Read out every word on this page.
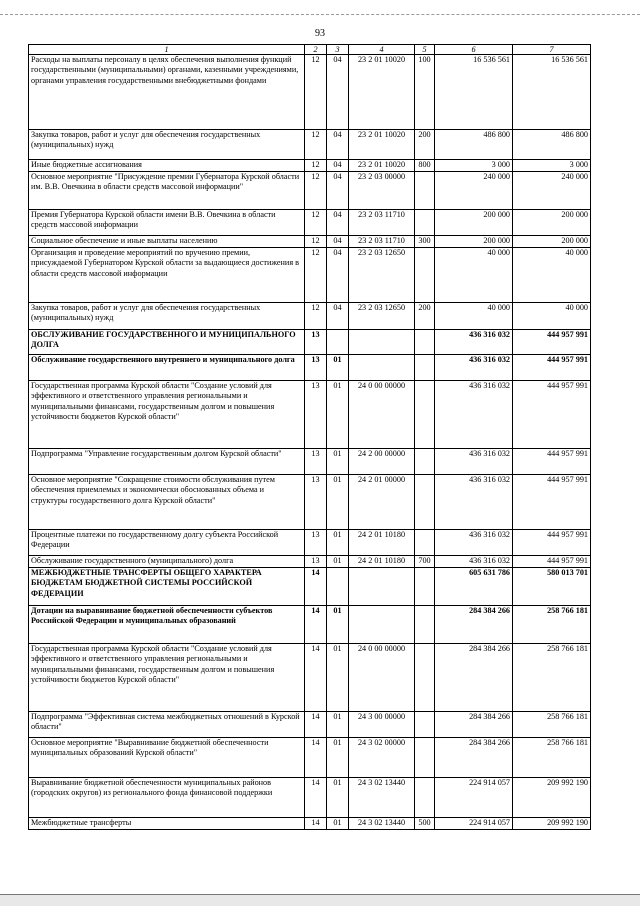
93
1	2	3	4	5	6	7
Расходы на выплаты персоналу в целях обеспечения выполнения функций государственными (муниципальными) органами, казенными учреждениями, органами управления государственными внебюджетными фондами	12	04	23 2 01 10020	100	16 536 561	16 536 561
Закупка товаров, работ и услуг для обеспечения государственных (муниципальных) нужд	12	04	23 2 01 10020	200	486 800	486 800
Иные бюджетные ассигнования	12	04	23 2 01 10020	800	3 000	3 000
Основное мероприятие "Присуждение премии Губернатора Курской области им. В.В. Овечкина в области средств массовой информации"	12	04	23 2 03 00000		240 000	240 000
Премия Губернатора Курской области имени В.В. Овечкина в области средств массовой информации	12	04	23 2 03 11710		200 000	200 000
Социальное обеспечение и иные выплаты населению	12	04	23 2 03 11710	300	200 000	200 000
Организация и проведение мероприятий по вручению премии, присуждаемой Губернатором Курской области за выдающиеся достижения в области средств массовой информации	12	04	23 2 03 12650		40 000	40 000
Закупка товаров, работ и услуг для обеспечения государственных (муниципальных) нужд	12	04	23 2 03 12650	200	40 000	40 000
ОБСЛУЖИВАНИЕ ГОСУДАРСТВЕННОГО И МУНИЦИПАЛЬНОГО ДОЛГА	13				436 316 032	444 957 991
Обслуживание государственного внутреннего и муниципального долга	13	01			436 316 032	444 957 991
Государственная программа Курской области "Создание условий для эффективного и ответственного управления региональными и муниципальными финансами, государственным долгом и повышения устойчивости бюджетов Курской области"	13	01	24 0 00 00000		436 316 032	444 957 991
Подпрограмма "Управление государственным долгом Курской области"	13	01	24 2 00 00000		436 316 032	444 957 991
Основное мероприятие "Сокращение стоимости обслуживания путем обеспечения приемлемых и экономически обоснованных объема и структуры государственного долга Курской области"	13	01	24 2 01 00000		436 316 032	444 957 991
Процентные платежи по государственному долгу субъекта Российской Федерации	13	01	24 2 01 10180		436 316 032	444 957 991
Обслуживание государственного (муниципального) долга	13	01	24 2 01 10180	700	436 316 032	444 957 991
МЕЖБЮДЖЕТНЫЕ ТРАНСФЕРТЫ ОБЩЕГО ХАРАКТЕРА БЮДЖЕТАМ БЮДЖЕТНОЙ СИСТЕМЫ РОССИЙСКОЙ ФЕДЕРАЦИИ	14				605 631 786	580 013 701
Дотации на выравнивание бюджетной обеспеченности субъектов Российской Федерации и муниципальных образований	14	01			284 384 266	258 766 181
Государственная программа Курской области "Создание условий для эффективного и ответственного управления региональными и муниципальными финансами, государственным долгом и повышения устойчивости бюджетов Курской области"	14	01	24 0 00 00000		284 384 266	258 766 181
Подпрограмма "Эффективная система межбюджетных отношений в Курской области"	14	01	24 3 00 00000		284 384 266	258 766 181
Основное мероприятие "Выравнивание бюджетной обеспеченности муниципальных образований Курской области"	14	01	24 3 02 00000		284 384 266	258 766 181
Выравнивание бюджетной обеспеченности муниципальных районов (городских округов) из регионального фонда финансовой поддержки	14	01	24 3 02 13440		224 914 057	209 992 190
Межбюджетные трансферты	14	01	24 3 02 13440	500	224 914 057	209 992 190
